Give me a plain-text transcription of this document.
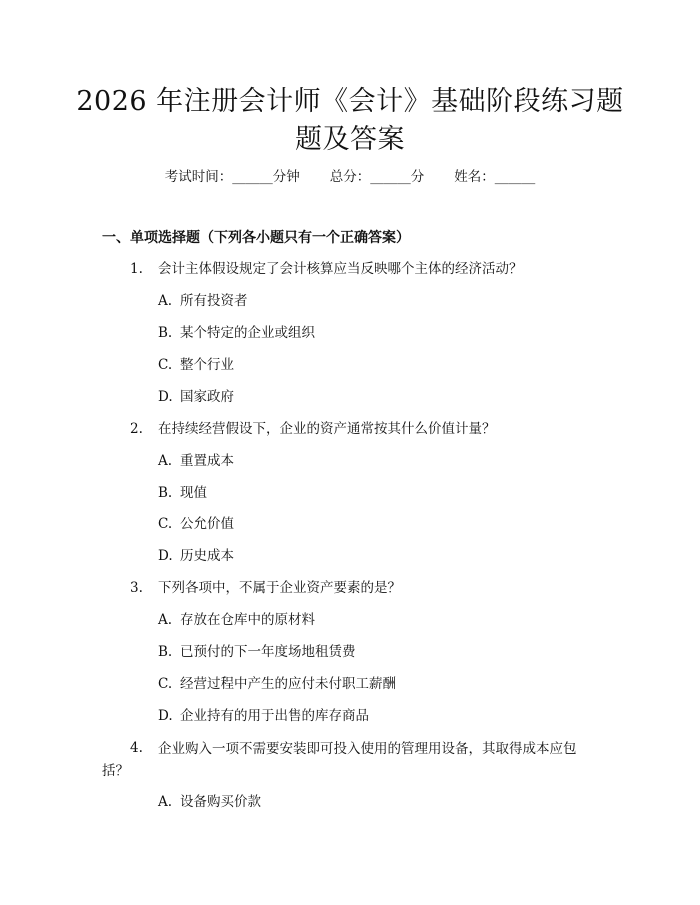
2026 年注册会计师《会计》基础阶段练习题
题及答案
考试时间：______分钟 总分：______分 姓名：______
一、单项选择题（下列各小题只有一个正确答案）
1. 会计主体假设规定了会计核算应当反映哪个主体的经济活动？
A. 所有投资者
B. 某个特定的企业或组织
C. 整个行业
D. 国家政府
2. 在持续经营假设下，企业的资产通常按其什么价值计量？
A. 重置成本
B. 现值
C. 公允价值
D. 历史成本
3. 下列各项中，不属于企业资产要素的是？
A. 存放在仓库中的原材料
B. 已预付的下一年度场地租赁费
C. 经营过程中产生的应付未付职工薪酬
D. 企业持有的用于出售的库存商品
4.	企业购入一项不需要安装即可投入使用的管理用设备，其取得成本应包括？
A. 设备购买价款
